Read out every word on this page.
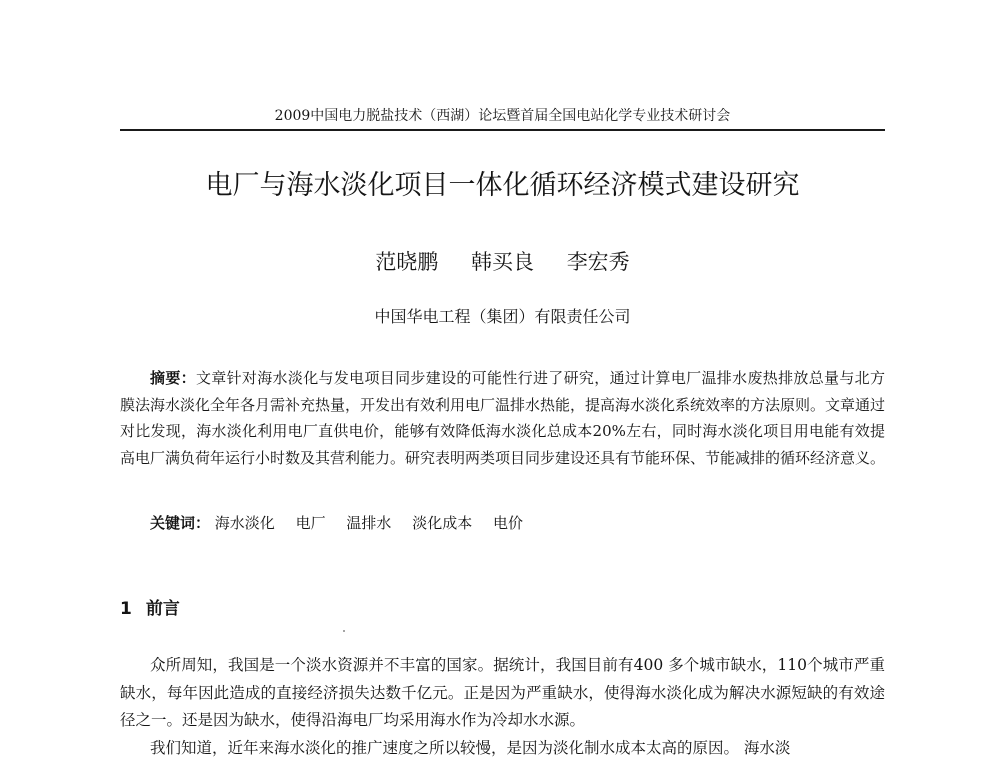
2009中国电力脱盐技术（西湖）论坛暨首届全国电站化学专业技术研讨会
电厂与海水淡化项目一体化循环经济模式建设研究
范晓鹏 韩买良 李宏秀
中国华电工程（集团）有限责任公司

摘要：文章针对海水淡化与发电项目同步建设的可能性行进了研究，通过计算电厂温排水废热排放总量与北方膜法海水淡化全年各月需补充热量，开发出有效利用电厂温排水热能，提高海水淡化系统效率的方法原则。文章通过对比发现，海水淡化利用电厂直供电价，能够有效降低海水淡化总成本20%左右，同时海水淡化项目用电能有效提高电厂满负荷年运行小时数及其营利能力。研究表明两类项目同步建设还具有节能环保、节能减排的循环经济意义。

关键词： 海水淡化 电厂 温排水 淡化成本 电价
1 前言

众所周知，我国是一个淡水资源并不丰富的国家。据统计，我国目前有400 多个城市缺水，110个城市严重缺水，每年因此造成的直接经济损失达数千亿元。正是因为严重缺水，使得海水淡化成为解决水源短缺的有效途径之一。还是因为缺水，使得沿海电厂均采用海水作为冷却水水源。

我们知道，近年来海水淡化的推广速度之所以较慢，是因为淡化制水成本太高的原因。 海水淡
